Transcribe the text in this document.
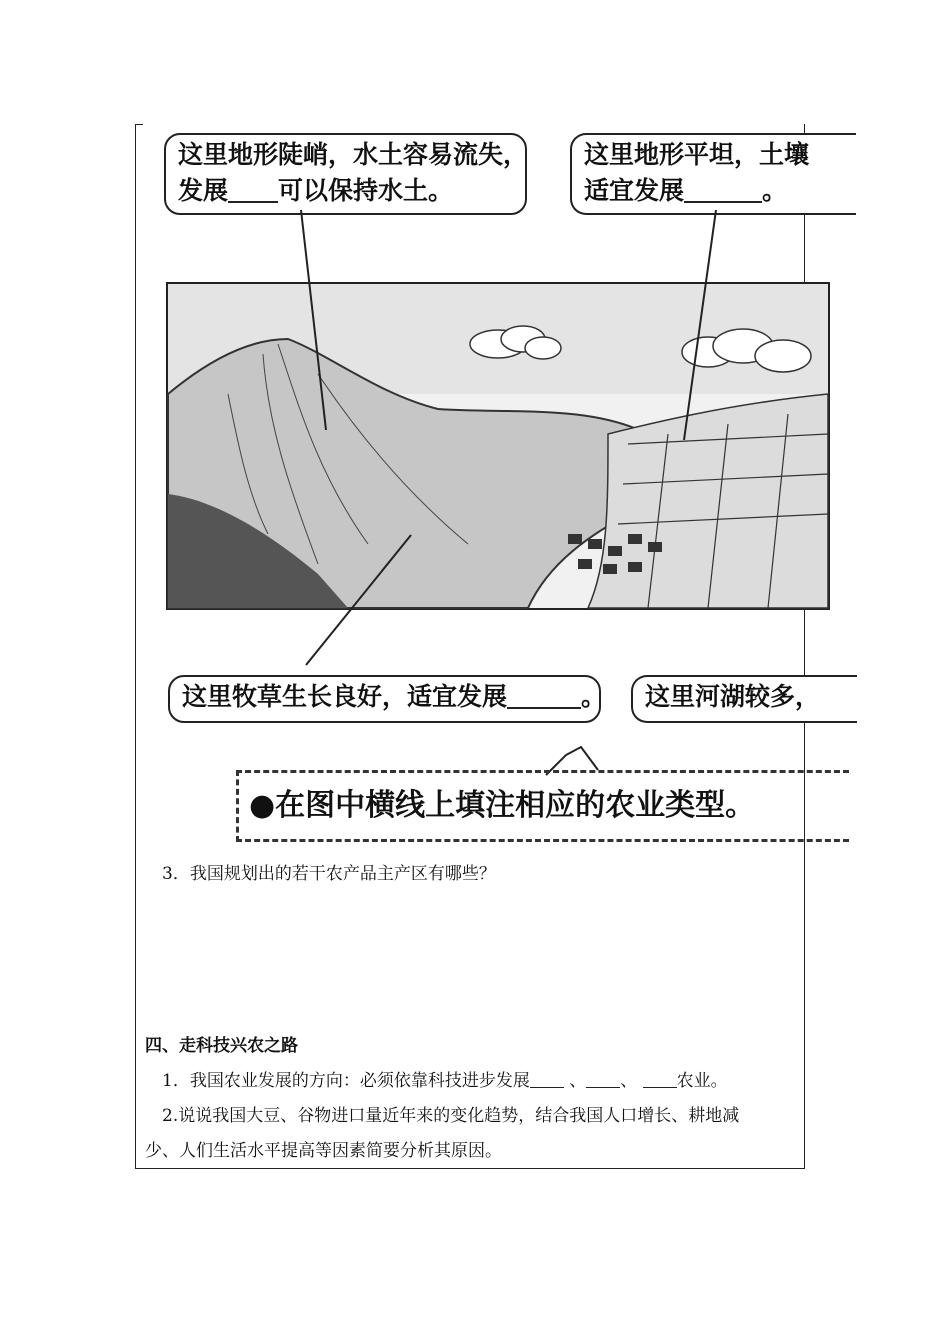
这里地形陡峭，水土容易流失，
发展 可以保持水土。
这里地形平坦，土壤
适宜发展	。
这里牧草生长良好，适宜发展	。	这里河湖较多，
●在图中横线上填注相应的农业类型。
3．我国规划出的若干农产品主产区有哪些？
四、走科技兴农之路
1．我国农业发展的方向：必须依靠科技进步发展 、 、 农业。
2.说说我国大豆、谷物进口量近年来的变化趋势，结合我国人口增长、耕地减
少、人们生活水平提高等因素简要分析其原因。
